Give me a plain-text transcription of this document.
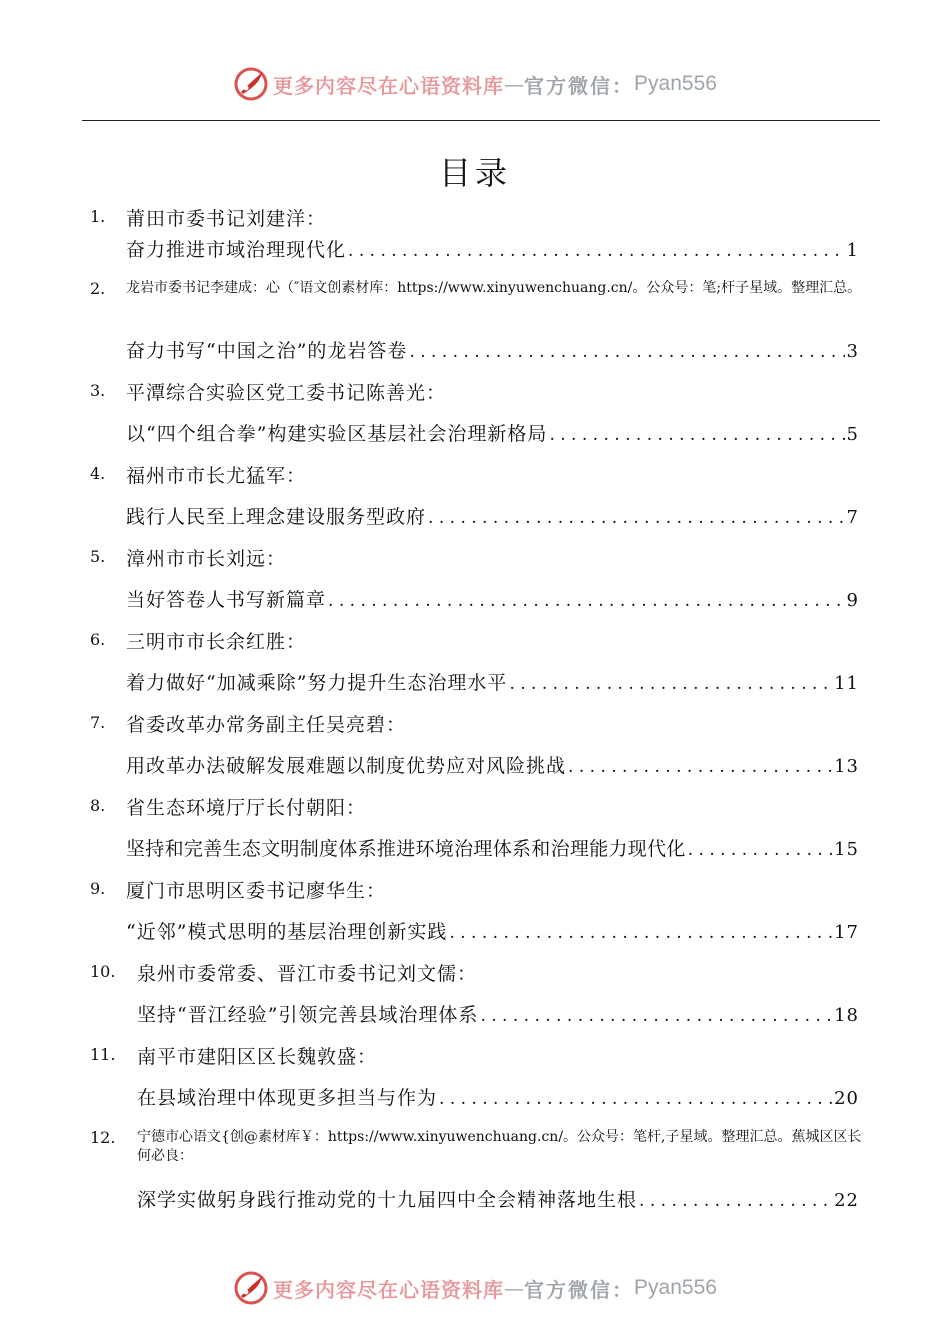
更多内容尽在心语资料库 — 官方微信： Pyan556
目录
1. 莆田市委书记刘建洋：
奋力推进市域治理现代化 . . .	1
2. 龙岩市委书记李建成：心（″语文创素材库：https://www.xinyuwenchuang.cn/。公众号：笔;杆子星域。整理汇总。
奋力书写“中国之治”的龙岩答卷 . . .	3
3. 平潭综合实验区党工委书记陈善光：
以“四个组合拳”构建实验区基层社会治理新格局 . . .	5
4. 福州市市长尤猛军：
践行人民至上理念建设服务型政府 . . .	7
5. 漳州市市长刘远：
当好答卷人书写新篇章 . . .	9
6. 三明市市长余红胜：
着力做好“加减乘除”努力提升生态治理水平 . . .	11
7. 省委改革办常务副主任吴亮碧：
用改革办法破解发展难题以制度优势应对风险挑战 . . .	13
8. 省生态环境厅厅长付朝阳：
坚持和完善生态文明制度体系推进环境治理体系和治理能力现代化 . . .	15
9. 厦门市思明区委书记廖华生：
“近邻”模式思明的基层治理创新实践 . . .	17
10. 泉州市委常委、晋江市委书记刘文儒：
坚持“晋江经验”引领完善县域治理体系 . . .	18
11. 南平市建阳区区长魏敦盛：
在县域治理中体现更多担当与作为 . . .	20
12. 宁德市心语文{创@素材库￥：https://www.xinyuwenchuang.cn/。公众号：笔杆,子星域。整理汇总。蕉城区区长何必良：
深学实做躬身践行推动党的十九届四中全会精神落地生根 . . .	22
更多内容尽在心语资料库 — 官方微信： Pyan556
